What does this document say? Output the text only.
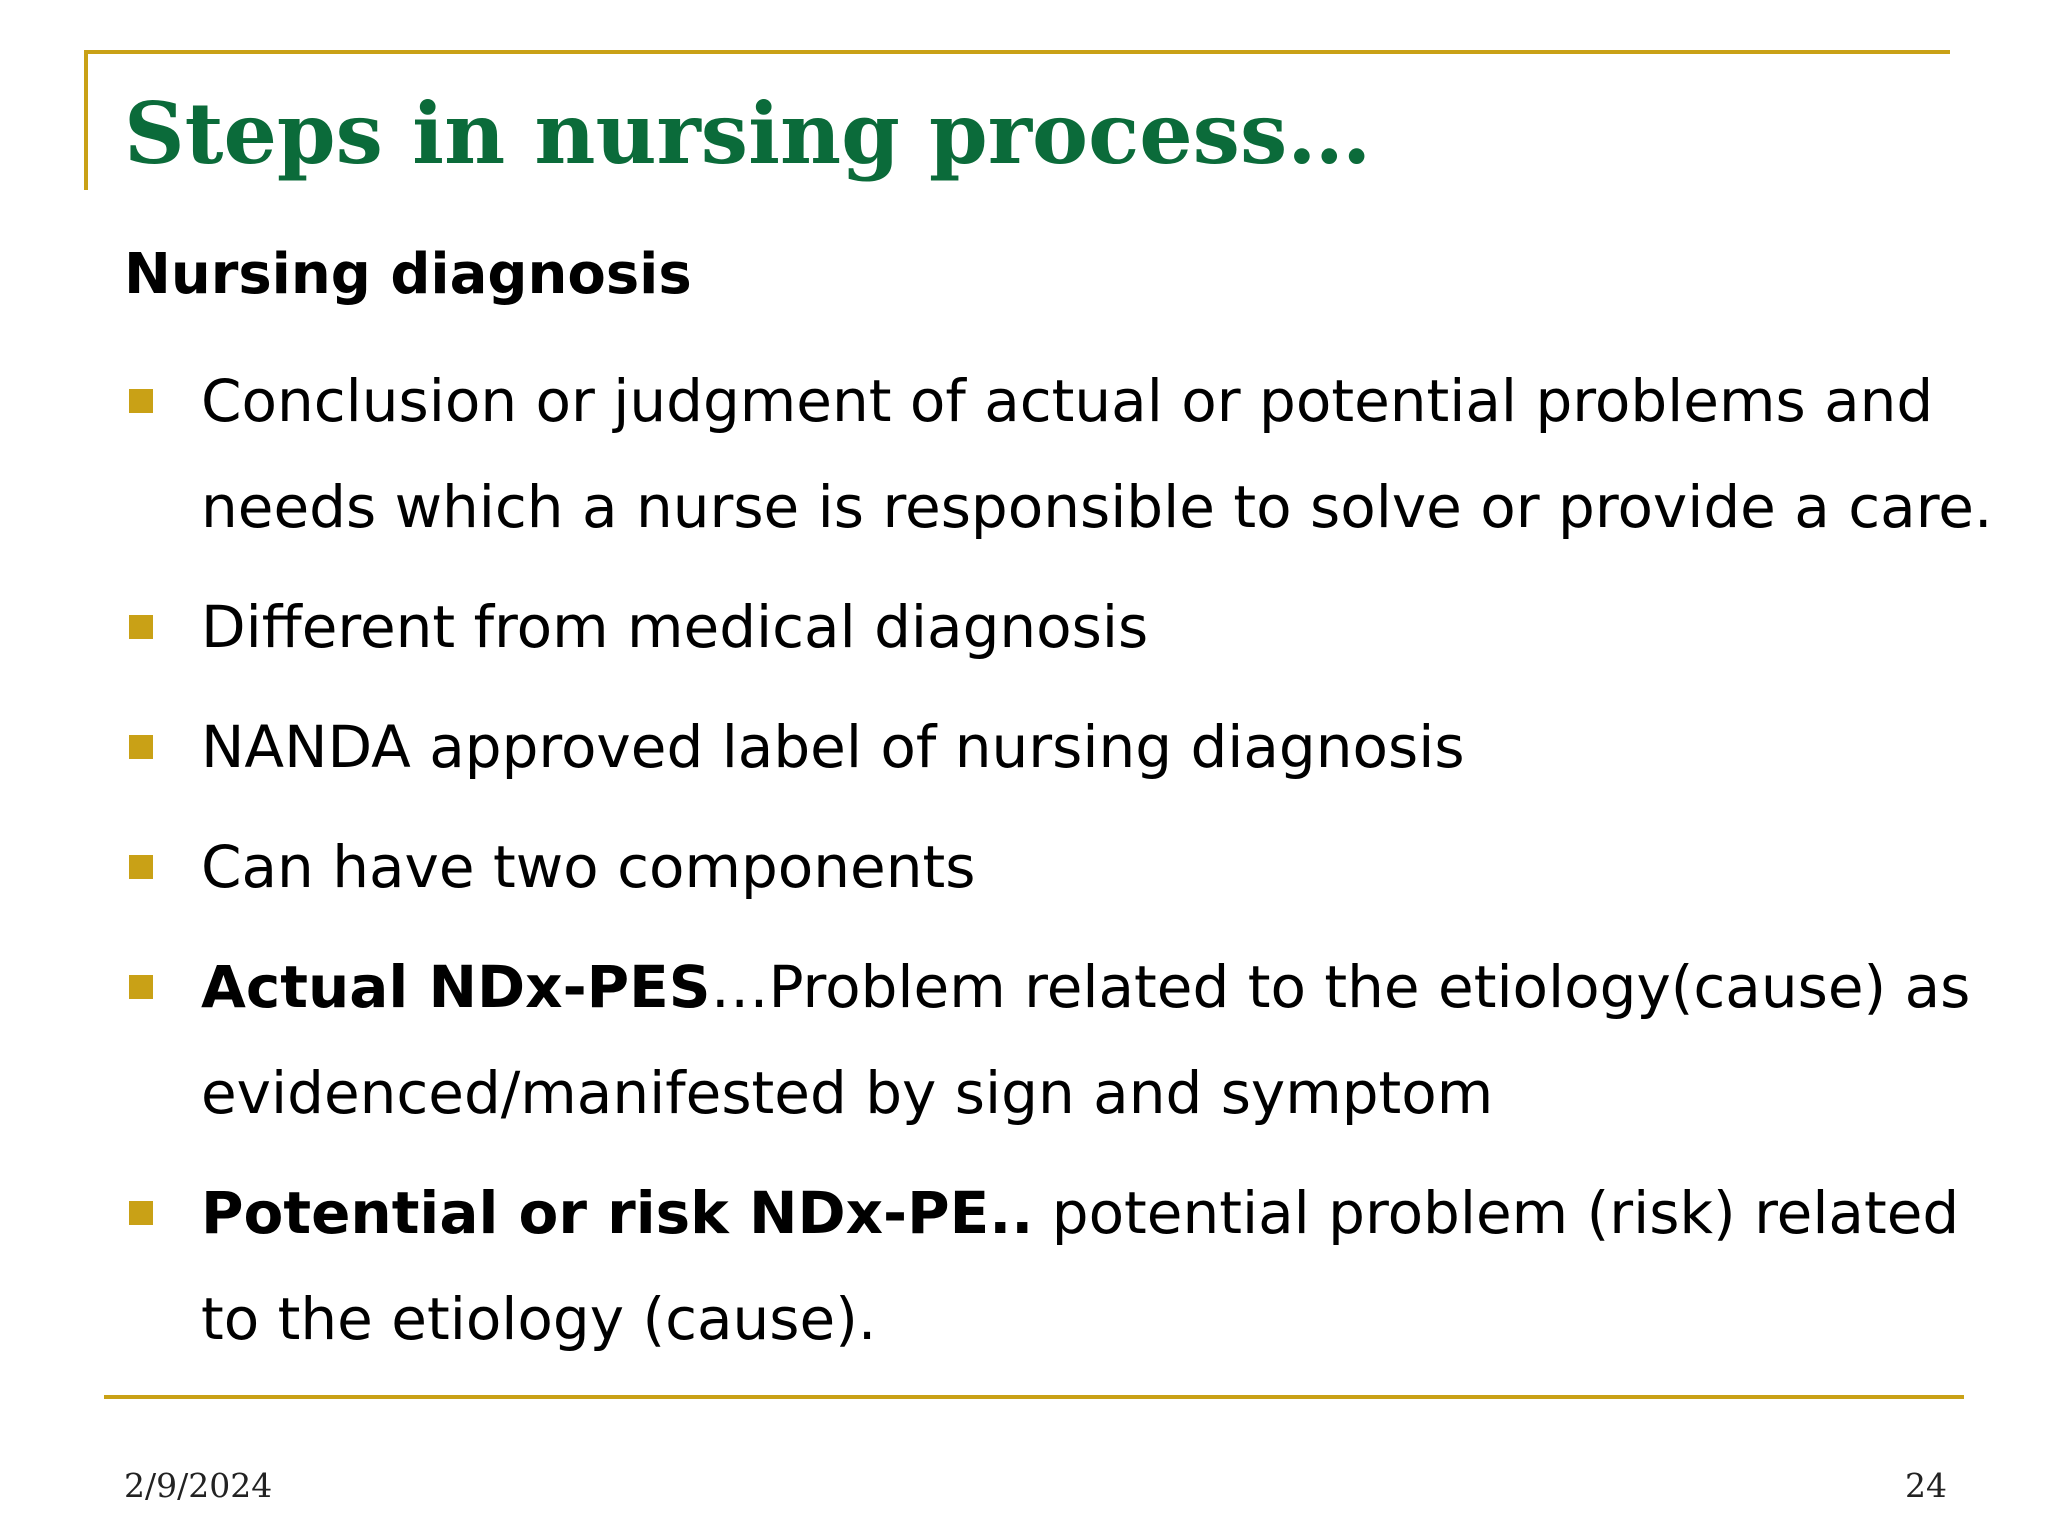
Steps in nursing process…
Nursing diagnosis
Conclusion or judgment of actual or potential problems and
needs which a nurse is responsible to solve or provide a care.
Different from medical diagnosis
NANDA approved label of nursing diagnosis
Can have two components
Actual NDx-PES…Problem related to the etiology(cause) as
evidenced/manifested by sign and symptom
Potential or risk NDx-PE.. potential problem (risk) related
to the etiology (cause).
2/9/2024	24
